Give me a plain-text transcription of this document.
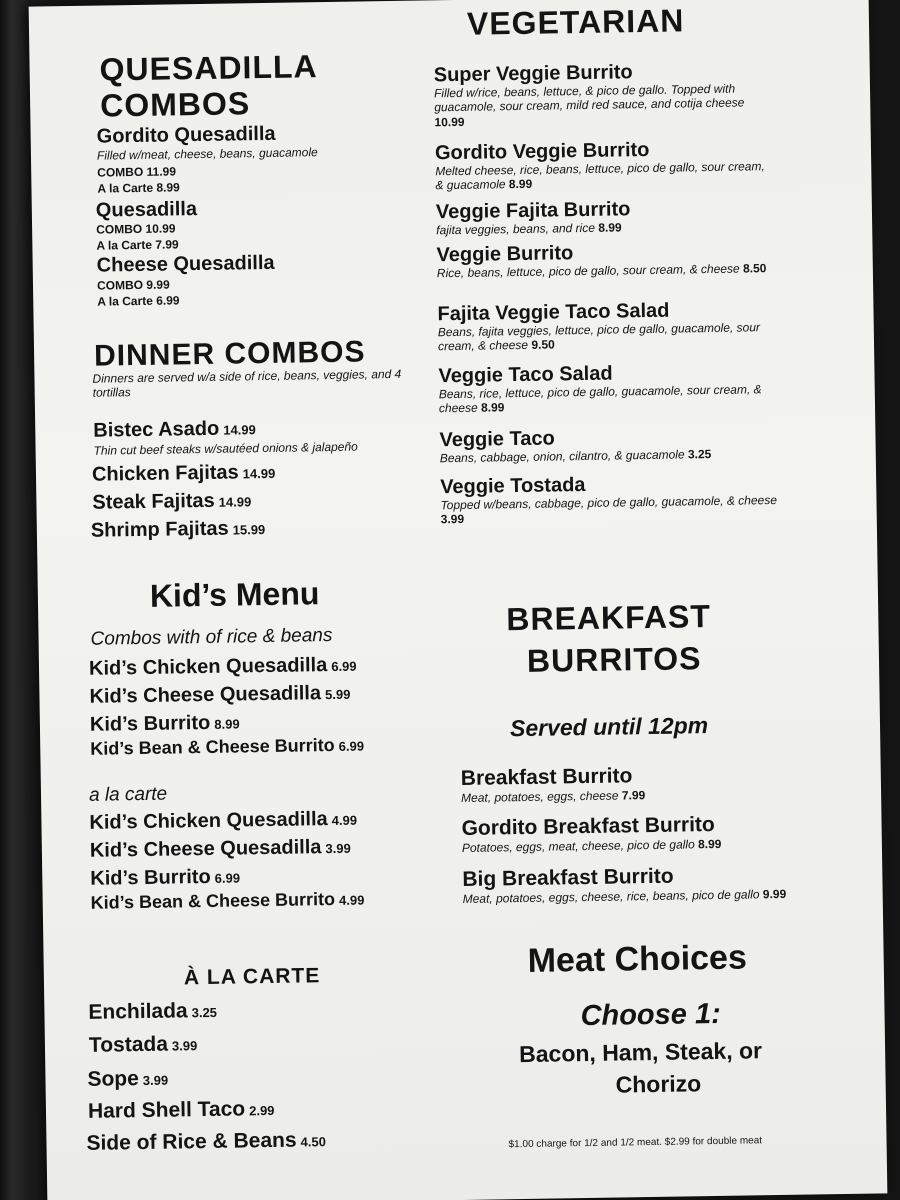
QUESADILLA
COMBOS
Gordito Quesadilla
Filled w/meat, cheese, beans, guacamole
COMBO 11.99
A la Carte 8.99
Quesadilla
COMBO 10.99
A la Carte 7.99
Cheese Quesadilla
COMBO 9.99
A la Carte 6.99
DINNER COMBOS
Dinners are served w/a side of rice, beans, veggies, and 4 tortillas
Bistec Asado 14.99
Thin cut beef steaks w/sautéed onions & jalapeño
Chicken Fajitas 14.99
Steak Fajitas 14.99
Shrimp Fajitas 15.99
Kid’s Menu
Combos with of rice & beans
Kid’s Chicken Quesadilla 6.99
Kid’s Cheese Quesadilla 5.99
Kid’s Burrito 8.99
Kid’s Bean & Cheese Burrito 6.99
a la carte
Kid’s Chicken Quesadilla 4.99
Kid’s Cheese Quesadilla 3.99
Kid’s Burrito 6.99
Kid’s Bean & Cheese Burrito 4.99
À LA CARTE
Enchilada 3.25
Tostada 3.99
Sope 3.99
Hard Shell Taco 2.99
Side of Rice & Beans 4.50
VEGETARIAN
Super Veggie Burrito
Filled w/rice, beans, lettuce, & pico de gallo. Topped with guacamole, sour cream, mild red sauce, and cotija cheese 10.99
Gordito Veggie Burrito
Melted cheese, rice, beans, lettuce, pico de gallo, sour cream, & guacamole 8.99
Veggie Fajita Burrito
fajita veggies, beans, and rice 8.99
Veggie Burrito
Rice, beans, lettuce, pico de gallo, sour cream, & cheese 8.50
Fajita Veggie Taco Salad
Beans, fajita veggies, lettuce, pico de gallo, guacamole, sour cream, & cheese 9.50
Veggie Taco Salad
Beans, rice, lettuce, pico de gallo, guacamole, sour cream, & cheese 8.99
Veggie Taco
Beans, cabbage, onion, cilantro, & guacamole 3.25
Veggie Tostada
Topped w/beans, cabbage, pico de gallo, guacamole, & cheese 3.99
BREAKFAST
BURRITOS
Served until 12pm
Breakfast Burrito
Meat, potatoes, eggs, cheese 7.99
Gordito Breakfast Burrito
Potatoes, eggs, meat, cheese, pico de gallo 8.99
Big Breakfast Burrito
Meat, potatoes, eggs, cheese, rice, beans, pico de gallo 9.99
Meat Choices
Choose 1:
Bacon, Ham, Steak, or
Chorizo
$1.00 charge for 1/2 and 1/2 meat. $2.99 for double meat
